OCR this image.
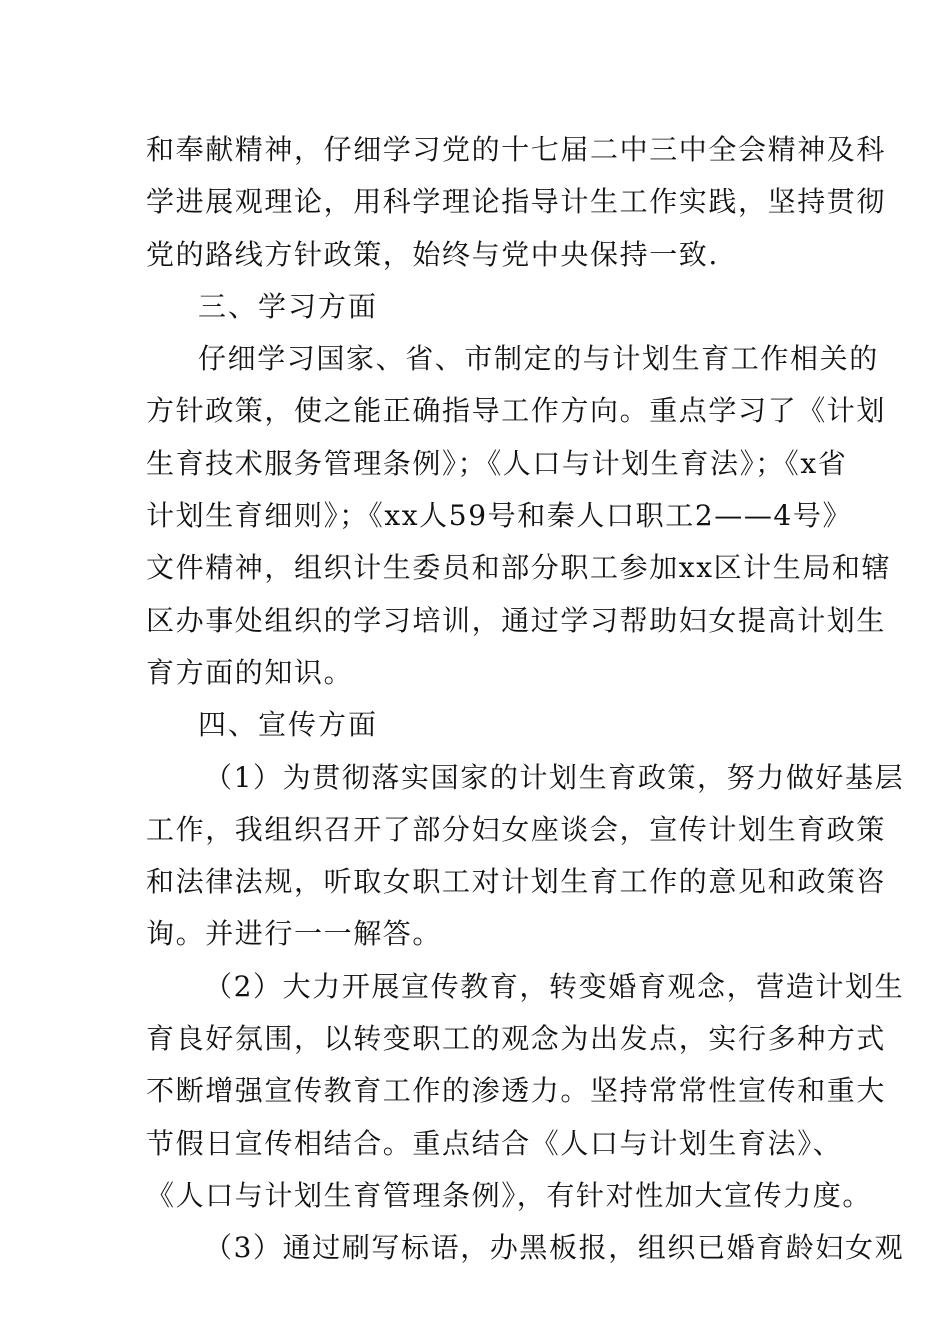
和奉献精神，仔细学习党的十七届二中三中全会精神及科
学进展观理论，用科学理论指导计生工作实践，坚持贯彻
党的路线方针政策，始终与党中央保持一致.
三、学习方面
仔细学习国家、省、市制定的与计划生育工作相关的
方针政策，使之能正确指导工作方向。重点学习了《计划
生育技术服务管理条例》；《人口与计划生育法》；《x省
计划生育细则》；《xx人59号和秦人口职工2——4号》
文件精神，组织计生委员和部分职工参加xx区计生局和辖
区办事处组织的学习培训，通过学习帮助妇女提高计划生
育方面的知识。
四、宣传方面
（1）为贯彻落实国家的计划生育政策，努力做好基层
工作，我组织召开了部分妇女座谈会，宣传计划生育政策
和法律法规，听取女职工对计划生育工作的意见和政策咨
询。并进行一一解答。
（2）大力开展宣传教育，转变婚育观念，营造计划生
育良好氛围，以转变职工的观念为出发点，实行多种方式
不断增强宣传教育工作的渗透力。坚持常常性宣传和重大
节假日宣传相结合。重点结合《人口与计划生育法》、
《人口与计划生育管理条例》，有针对性加大宣传力度。
（3）通过刷写标语，办黑板报，组织已婚育龄妇女观
